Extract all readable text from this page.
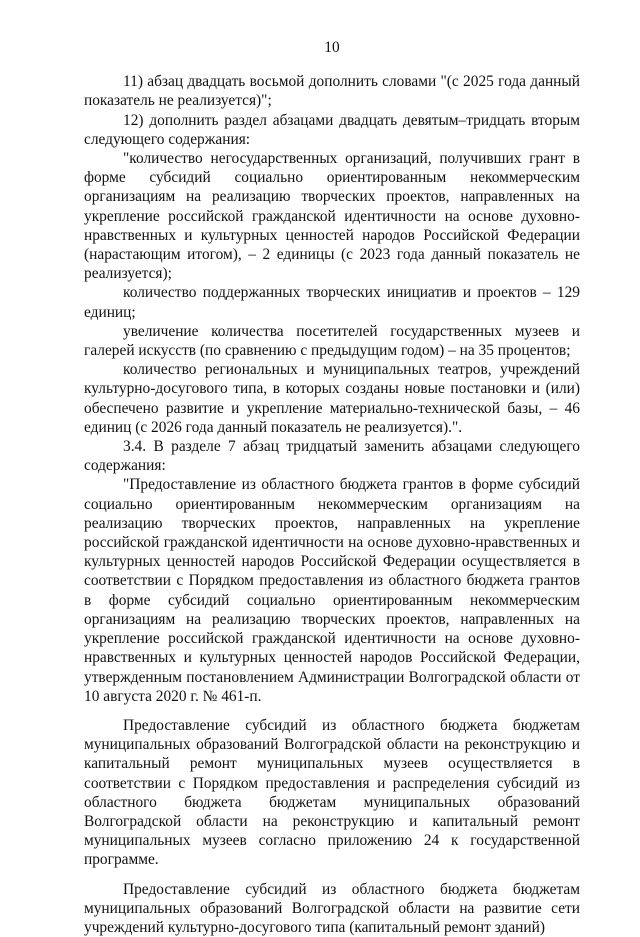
10

11) абзац двадцать восьмой дополнить словами "(с 2025 года данный показатель не реализуется)";

12) дополнить раздел абзацами двадцать девятым–тридцать вторым следующего содержания:

"количество негосударственных организаций, получивших грант в форме субсидий социально ориентированным некоммерческим организациям на реализацию творческих проектов, направленных на укрепление российской гражданской идентичности на основе духовно-нравственных и культурных ценностей народов Российской Федерации (нарастающим итогом), – 2 единицы (с 2023 года данный показатель не реализуется);

количество поддержанных творческих инициатив и проектов – 129 единиц;

увеличение количества посетителей государственных музеев и галерей искусств (по сравнению с предыдущим годом) – на 35 процентов;

количество региональных и муниципальных театров, учреждений культурно-досугового типа, в которых созданы новые постановки и (или) обеспечено развитие и укрепление материально-технической базы, – 46 единиц (с 2026 года данный показатель не реализуется).".

3.4. В разделе 7 абзац тридцатый заменить абзацами следующего содержания:

"Предоставление из областного бюджета грантов в форме субсидий социально ориентированным некоммерческим организациям на реализацию творческих проектов, направленных на укрепление российской гражданской идентичности на основе духовно-нравственных и культурных ценностей народов Российской Федерации осуществляется в соответствии с Порядком предоставления из областного бюджета грантов в форме субсидий социально ориентированным некоммерческим организациям на реализацию творческих проектов, направленных на укрепление российской гражданской идентичности на основе духовно-нравственных и культурных ценностей народов Российской Федерации, утвержденным постановлением Администрации Волгоградской области от 10 августа 2020 г. № 461-п.

Предоставление субсидий из областного бюджета бюджетам муниципальных образований Волгоградской области на реконструкцию и капитальный ремонт муниципальных музеев осуществляется в соответствии с Порядком предоставления и распределения субсидий из областного бюджета бюджетам муниципальных образований Волгоградской области на реконструкцию и капитальный ремонт муниципальных музеев согласно приложению 24 к государственной программе.

Предоставление субсидий из областного бюджета бюджетам муниципальных образований Волгоградской области на развитие сети учреждений культурно-досугового типа (капитальный ремонт зданий)
